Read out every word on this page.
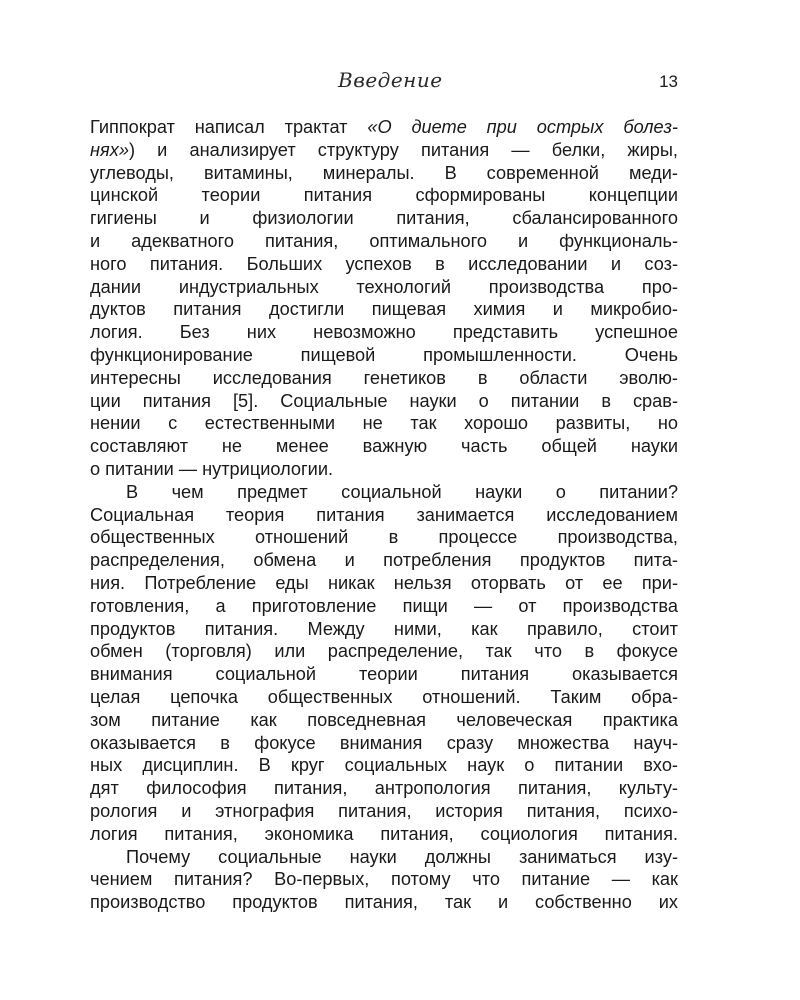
Введение	13
Гиппократ написал трактат «О диете при острых болез-
нях») и анализирует структуру питания — белки, жиры,
углеводы, витамины, минералы. В современной меди-
цинской теории питания сформированы концепции
гигиены и физиологии питания, сбалансированного
и адекватного питания, оптимального и функциональ-
ного питания. Больших успехов в исследовании и соз-
дании индустриальных технологий производства про-
дуктов питания достигли пищевая химия и микробио-
логия. Без них невозможно представить успешное
функционирование пищевой промышленности. Очень
интересны исследования генетиков в области эволю-
ции питания [5]. Социальные науки о питании в срав-
нении с естественными не так хорошо развиты, но
составляют не менее важную часть общей науки
о питании — нутрициологии.
В чем предмет социальной науки о питании?
Социальная теория питания занимается исследованием
общественных отношений в процессе производства,
распределения, обмена и потребления продуктов пита-
ния. Потребление еды никак нельзя оторвать от ее при-
готовления, а приготовление пищи — от производства
продуктов питания. Между ними, как правило, стоит
обмен (торговля) или распределение, так что в фокусе
внимания социальной теории питания оказывается
целая цепочка общественных отношений. Таким обра-
зом питание как повседневная человеческая практика
оказывается в фокусе внимания сразу множества науч-
ных дисциплин. В круг социальных наук о питании вхо-
дят философия питания, антропология питания, культу-
рология и этнография питания, история питания, психо-
логия питания, экономика питания, социология питания.
Почему социальные науки должны заниматься изу-
чением питания? Во-первых, потому что питание — как
производство продуктов питания, так и собственно их
